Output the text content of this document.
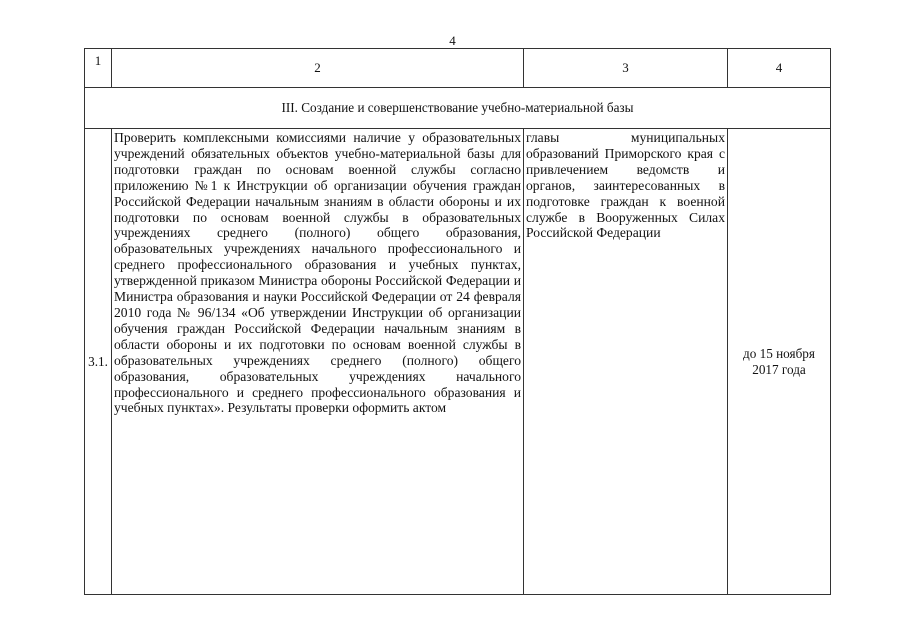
4
1	2	3	4
III. Создание и совершенствование учебно-материальной базы			
3.1.	Проверить комплексными комиссиями наличие у образовательных учреждений обязательных объектов учебно-материальной базы для подготовки граждан по основам военной службы согласно приложению №1 к Инструкции об организации обучения граждан Российской Федерации начальным знаниям в области обороны и их подготовки по основам военной службы в образовательных учреждениях среднего (полного) общего образования, образовательных учреждениях начального профессионального и среднего профессионального образования и учебных пунктах, утвержденной приказом Министра обороны Российской Федерации и Министра образования и науки Российской Федерации от 24 февраля 2010 года № 96/134 «Об утверждении Инструкции об организации обучения граждан Российской Федерации начальным знаниям в области обороны и их подготовки по основам военной службы в образовательных учреждениях среднего (полного) общего образования, образовательных учреждениях начального профессионального и среднего профессионального образования и учебных пунктах». Результаты проверки оформить актом	главы муниципальных образований Приморского края с привлечением ведомств и органов, заинтересованных в подготовке граждан к военной службе в Вооруженных Силах Российской Федерации	до 15 ноября
2017 года
